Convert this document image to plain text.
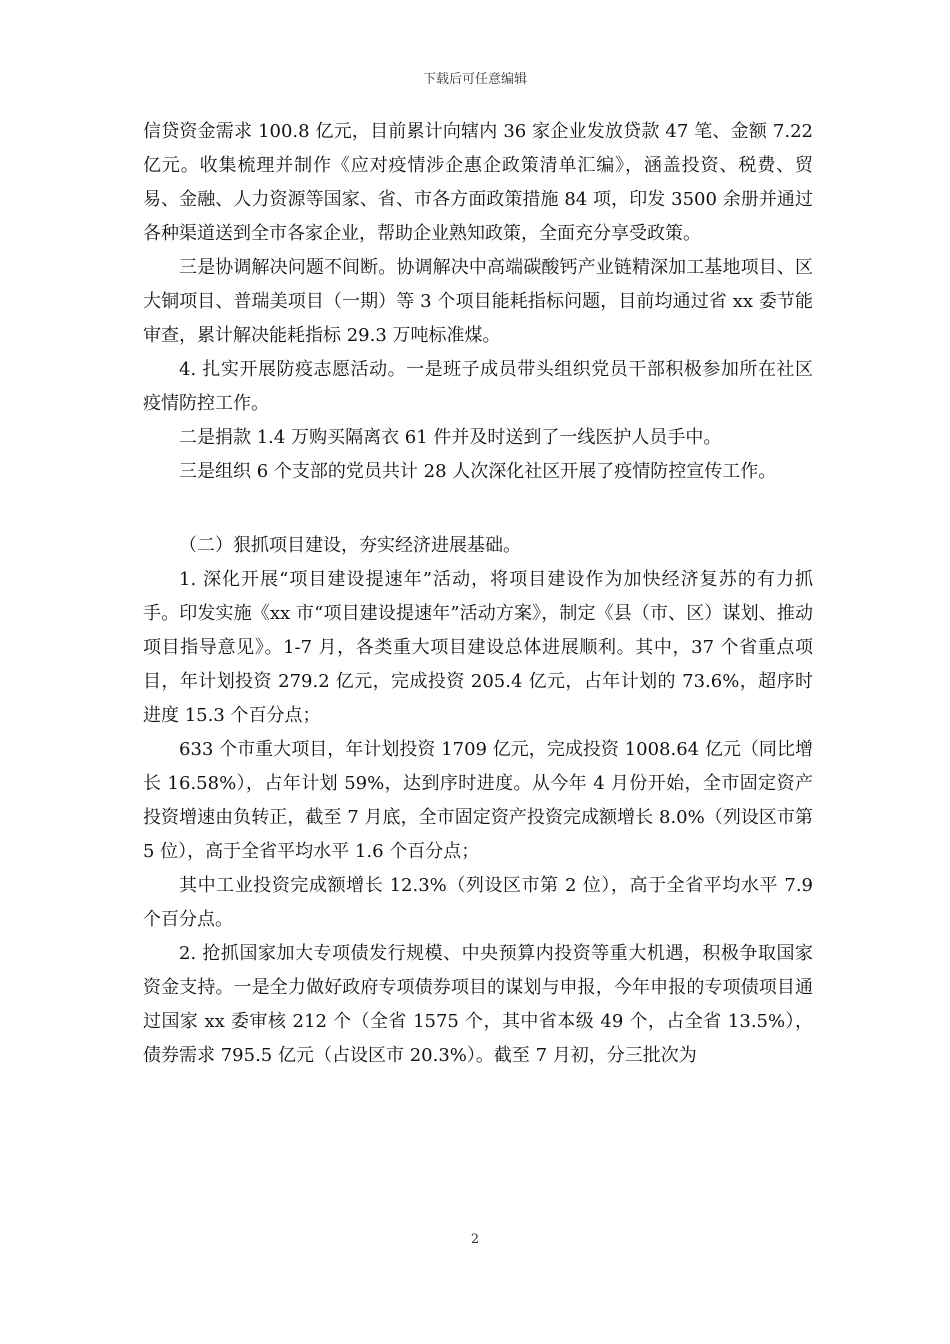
下载后可任意编辑

信贷资金需求 100.8 亿元，目前累计向辖内 36 家企业发放贷款 47 笔、金额 7.22 亿元。收集梳理并制作《应对疫情涉企惠企政策清单汇编》，涵盖投资、税费、贸易、金融、人力资源等国家、省、市各方面政策措施 84 项，印发 3500 余册并通过各种渠道送到全市各家企业，帮助企业熟知政策，全面充分享受政策。

三是协调解决问题不间断。协调解决中高端碳酸钙产业链精深加工基地项目、区大铜项目、普瑞美项目（一期）等 3 个项目能耗指标问题，目前均通过省 xx 委节能审查，累计解决能耗指标 29.3 万吨标准煤。

4. 扎实开展防疫志愿活动。一是班子成员带头组织党员干部积极参加所在社区疫情防控工作。

二是捐款 1.4 万购买隔离衣 61 件并及时送到了一线医护人员手中。

三是组织 6 个支部的党员共计 28 人次深化社区开展了疫情防控宣传工作。

（二）狠抓项目建设，夯实经济进展基础。

1. 深化开展“项目建设提速年”活动，将项目建设作为加快经济复苏的有力抓手。印发实施《xx 市“项目建设提速年”活动方案》，制定《县（市、区）谋划、推动项目指导意见》。1-7 月，各类重大项目建设总体进展顺利。其中，37 个省重点项目，年计划投资 279.2 亿元，完成投资 205.4 亿元，占年计划的 73.6%，超序时进度 15.3 个百分点；

633 个市重大项目，年计划投资 1709 亿元，完成投资 1008.64 亿元（同比增长 16.58%），占年计划 59%，达到序时进度。从今年 4 月份开始，全市固定资产投资增速由负转正，截至 7 月底，全市固定资产投资完成额增长 8.0%（列设区市第 5 位），高于全省平均水平 1.6 个百分点；

其中工业投资完成额增长 12.3%（列设区市第 2 位），高于全省平均水平 7.9 个百分点。

2. 抢抓国家加大专项债发行规模、中央预算内投资等重大机遇，积极争取国家资金支持。一是全力做好政府专项债券项目的谋划与申报，今年申报的专项债项目通过国家 xx 委审核 212 个（全省 1575 个，其中省本级 49 个，占全省 13.5%），债券需求 795.5 亿元（占设区市 20.3%）。截至 7 月初，分三批次为

2
